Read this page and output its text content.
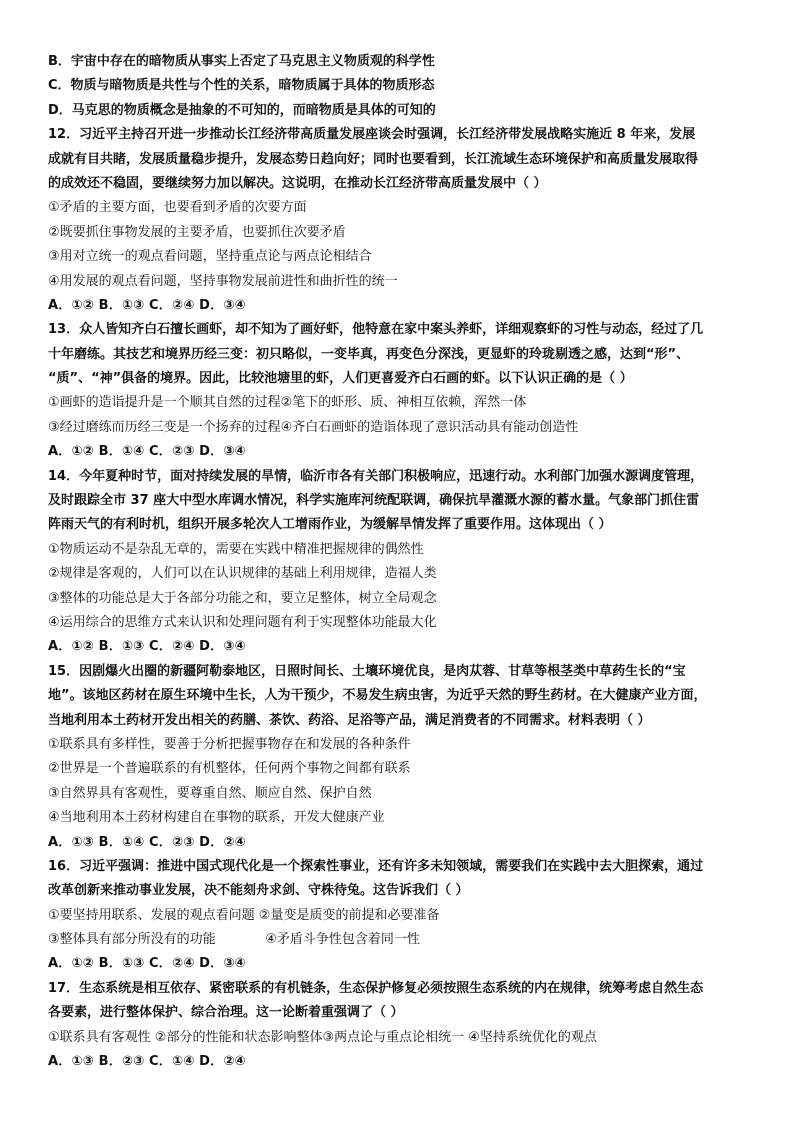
B．宇宙中存在的暗物质从事实上否定了马克思主义物质观的科学性
C．物质与暗物质是共性与个性的关系，暗物质属于具体的物质形态
D．马克思的物质概念是抽象的不可知的，而暗物质是具体的可知的
12．习近平主持召开进一步推动长江经济带高质量发展座谈会时强调，长江经济带发展战略实施近 8 年来，发展
成就有目共睹，发展质量稳步提升，发展态势日趋向好；同时也要看到，长江流域生态环境保护和高质量发展取得
的成效还不稳固，要继续努力加以解决。这说明，在推动长江经济带高质量发展中（ ）
①矛盾的主要方面，也要看到矛盾的次要方面
②既要抓住事物发展的主要矛盾，也要抓住次要矛盾
③用对立统一的观点看问题，坚持重点论与两点论相结合
④用发展的观点看问题，坚持事物发展前进性和曲折性的统一
A．①② B．①③ C．②④ D．③④
13．众人皆知齐白石擅长画虾，却不知为了画好虾，他特意在家中案头养虾，详细观察虾的习性与动态，经过了几
十年磨练。其技艺和境界历经三变：初只略似，一变毕真，再变色分深浅，更显虾的玲珑剔透之感，达到“形”、
“质”、“神”俱备的境界。因此，比较池塘里的虾，人们更喜爱齐白石画的虾。以下认识正确的是（ ）
①画虾的造诣提升是一个顺其自然的过程②笔下的虾形、质、神相互依赖，浑然一体
③经过磨练而历经三变是一个扬弃的过程④齐白石画虾的造诣体现了意识活动具有能动创造性
A．①② B．①④ C．②③ D．③④
14．今年夏种时节，面对持续发展的旱情，临沂市各有关部门积极响应，迅速行动。水利部门加强水源调度管理，
及时跟踪全市 37 座大中型水库调水情况，科学实施库河统配联调，确保抗旱灌溉水源的蓄水量。气象部门抓住雷
阵雨天气的有利时机，组织开展多轮次人工增雨作业，为缓解旱情发挥了重要作用。这体现出（ ）
①物质运动不是杂乱无章的，需要在实践中精准把握规律的偶然性
②规律是客观的，人们可以在认识规律的基础上利用规律，造福人类
③整体的功能总是大于各部分功能之和，要立足整体，树立全局观念
④运用综合的思维方式来认识和处理问题有利于实现整体功能最大化
A．①② B．①③ C．②④ D．③④
15．因剧爆火出圈的新疆阿勒泰地区，日照时间长、土壤环境优良，是肉苁蓉、甘草等根茎类中草药生长的“宝
地”。该地区药材在原生环境中生长，人为干预少，不易发生病虫害，为近乎天然的野生药材。在大健康产业方面，
当地利用本土药材开发出相关的药膳、茶饮、药浴、足浴等产品，满足消费者的不同需求。材料表明（ ）
①联系具有多样性，要善于分析把握事物存在和发展的各种条件
②世界是一个普遍联系的有机整体，任何两个事物之间都有联系
③自然界具有客观性，要尊重自然、顺应自然、保护自然
④当地利用本土药材构建自在事物的联系，开发大健康产业
A．①③ B．①④ C．②③ D．②④
16．习近平强调：推进中国式现代化是一个探索性事业，还有许多未知领域，需要我们在实践中去大胆探索，通过
改革创新来推动事业发展，决不能刻舟求剑、守株待兔。这告诉我们（ ）
①要坚持用联系、发展的观点看问题 ②量变是质变的前提和必要准备
③整体具有部分所没有的功能            ④矛盾斗争性包含着同一性
A．①② B．①③ C．②④ D．③④
17．生态系统是相互依存、紧密联系的有机链条，生态保护修复必须按照生态系统的内在规律，统筹考虑自然生态
各要素，进行整体保护、综合治理。这一论断着重强调了（ ）
①联系具有客观性 ②部分的性能和状态影响整体③两点论与重点论相统一 ④坚持系统优化的观点
A．①③ B．②③ C．①④ D．②④
